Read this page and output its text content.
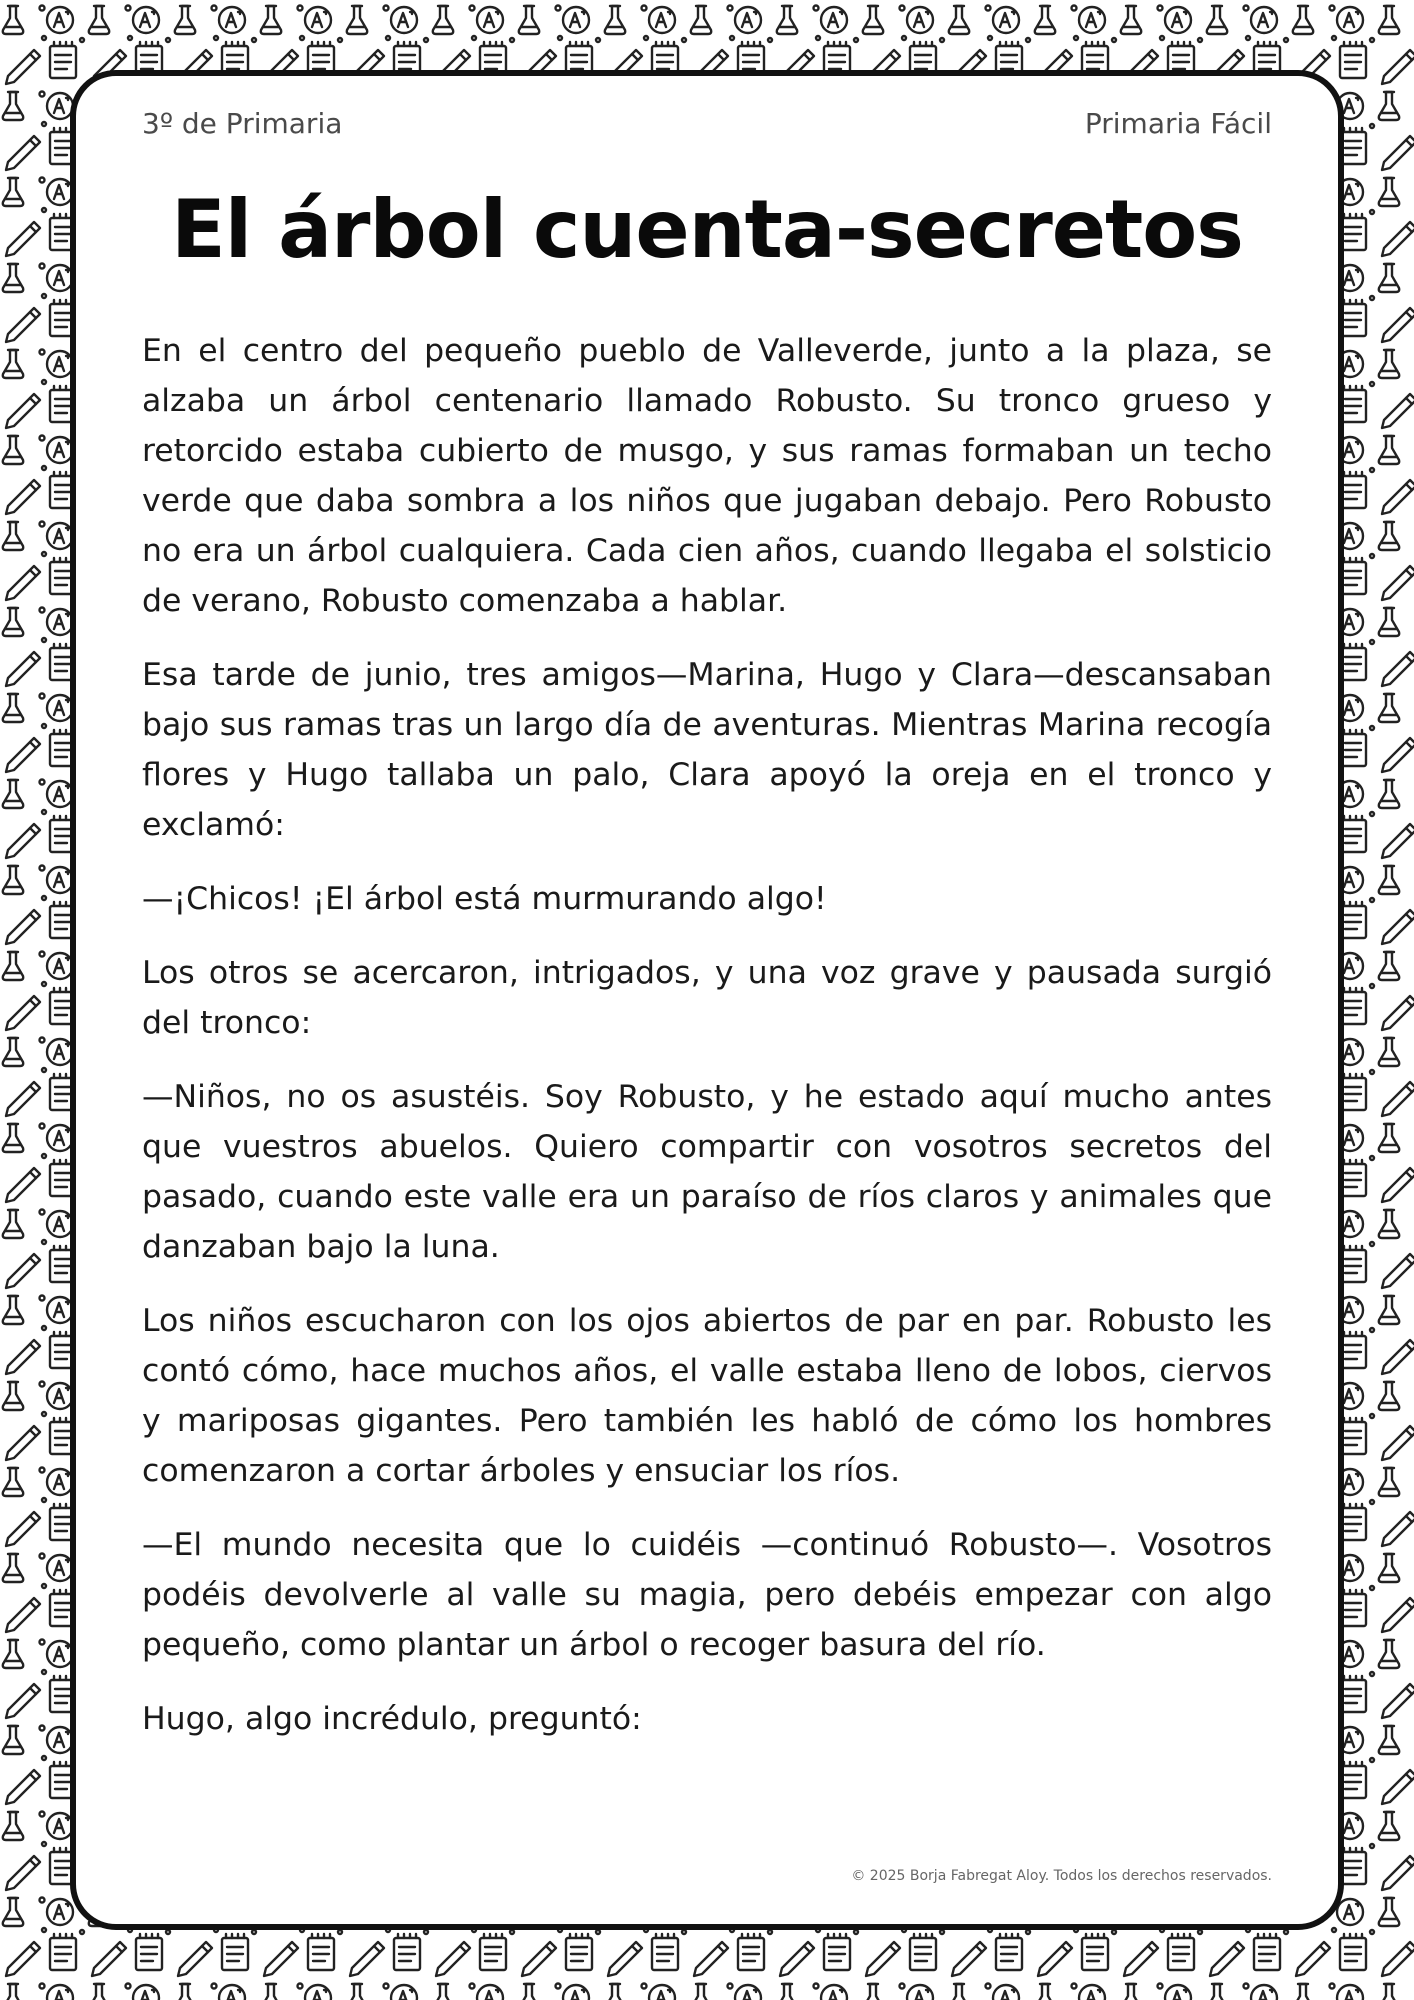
3º de Primaria	Primaria Fácil
El árbol cuenta-secretos

En el centro del pequeño pueblo de Valleverde, junto a la plaza, se alzaba un árbol centenario llamado Robusto. Su tronco grueso y retorcido estaba cubierto de musgo, y sus ramas formaban un techo verde que daba sombra a los niños que jugaban debajo. Pero Robusto no era un árbol cualquiera. Cada cien años, cuando llegaba el solsticio de verano, Robusto comenzaba a hablar.

Esa tarde de junio, tres amigos—Marina, Hugo y Clara—descansaban bajo sus ramas tras un largo día de aventuras. Mientras Marina recogía flores y Hugo tallaba un palo, Clara apoyó la oreja en el tronco y exclamó:

—¡Chicos! ¡El árbol está murmurando algo!

Los otros se acercaron, intrigados, y una voz grave y pausada surgió del tronco:

—Niños, no os asustéis. Soy Robusto, y he estado aquí mucho antes que vuestros abuelos. Quiero compartir con vosotros secretos del pasado, cuando este valle era un paraíso de ríos claros y animales que danzaban bajo la luna.

Los niños escucharon con los ojos abiertos de par en par. Robusto les contó cómo, hace muchos años, el valle estaba lleno de lobos, ciervos y mariposas gigantes. Pero también les habló de cómo los hombres comenzaron a cortar árboles y ensuciar los ríos.

—El mundo necesita que lo cuidéis —continuó Robusto—. Vosotros podéis devolverle al valle su magia, pero debéis empezar con algo pequeño, como plantar un árbol o recoger basura del río.

Hugo, algo incrédulo, preguntó:

© 2025 Borja Fabregat Aloy. Todos los derechos reservados.
